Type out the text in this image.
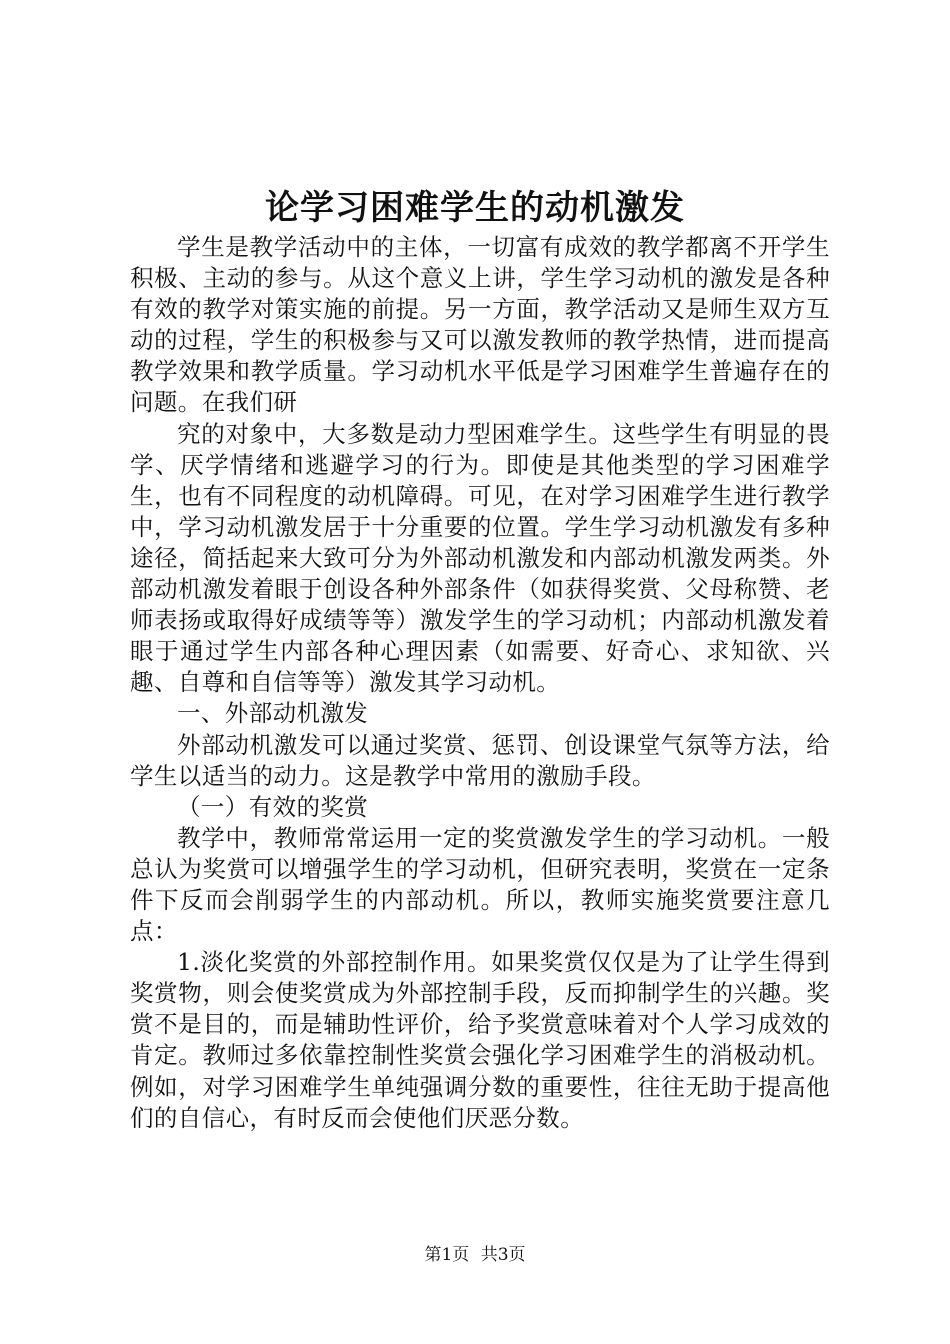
论学习困难学生的动机激发

学生是教学活动中的主体，一切富有成效的教学都离不开学生积极、主动的参与。从这个意义上讲，学生学习动机的激发是各种有效的教学对策实施的前提。另一方面，教学活动又是师生双方互动的过程，学生的积极参与又可以激发教师的教学热情，进而提高教学效果和教学质量。学习动机水平低是学习困难学生普遍存在的问题。在我们研

究的对象中，大多数是动力型困难学生。这些学生有明显的畏学、厌学情绪和逃避学习的行为。即使是其他类型的学习困难学生，也有不同程度的动机障碍。可见，在对学习困难学生进行教学中，学习动机激发居于十分重要的位置。学生学习动机激发有多种途径，简括起来大致可分为外部动机激发和内部动机激发两类。外部动机激发着眼于创设各种外部条件（如获得奖赏、父母称赞、老师表扬或取得好成绩等等）激发学生的学习动机；内部动机激发着眼于通过学生内部各种心理因素（如需要、好奇心、求知欲、兴趣、自尊和自信等等）激发其学习动机。

一、外部动机激发

外部动机激发可以通过奖赏、惩罚、创设课堂气氛等方法，给学生以适当的动力。这是教学中常用的激励手段。

（一）有效的奖赏

教学中，教师常常运用一定的奖赏激发学生的学习动机。一般总认为奖赏可以增强学生的学习动机，但研究表明，奖赏在一定条件下反而会削弱学生的内部动机。所以，教师实施奖赏要注意几点：

1.淡化奖赏的外部控制作用。如果奖赏仅仅是为了让学生得到奖赏物，则会使奖赏成为外部控制手段，反而抑制学生的兴趣。奖赏不是目的，而是辅助性评价，给予奖赏意味着对个人学习成效的肯定。教师过多依靠控制性奖赏会强化学习困难学生的消极动机。例如，对学习困难学生单纯强调分数的重要性，往往无助于提高他们的自信心，有时反而会使他们厌恶分数。

第1页 共3页
